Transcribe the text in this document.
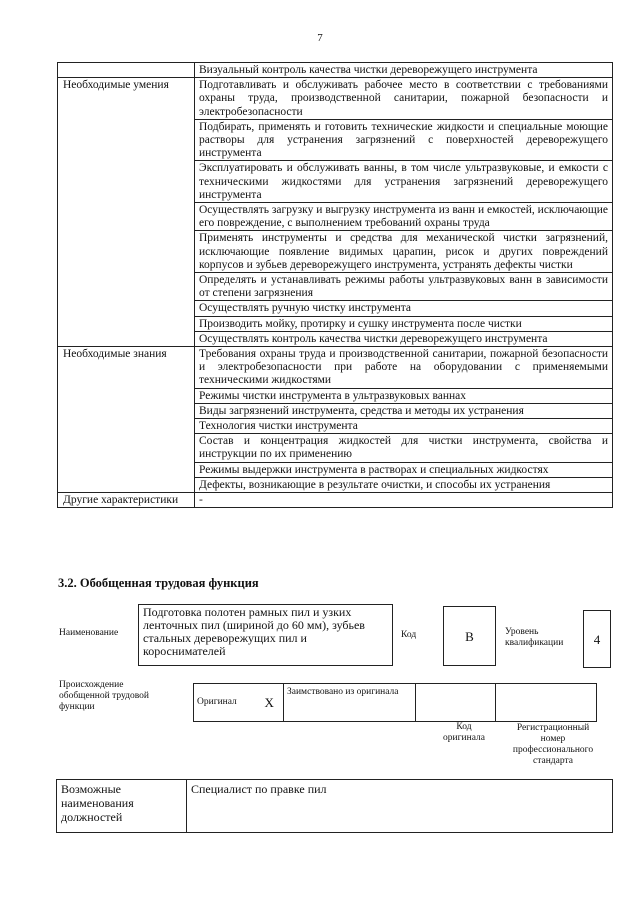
7
	Визуальный контроль качества чистки дереворежущего инструмента
Необходимые умения	Подготавливать и обслуживать рабочее место в соответствии с требованиями охраны труда, производственной санитарии, пожарной безопасности и электробезопасности
	Подбирать, применять и готовить технические жидкости и специальные моющие растворы для устранения загрязнений с поверхностей дереворежущего инструмента
	Эксплуатировать и обслуживать ванны, в том числе ультразвуковые, и емкости с техническими жидкостями для устранения загрязнений дереворежущего инструмента
	Осуществлять загрузку и выгрузку инструмента из ванн и емкостей, исключающие его повреждение, с выполнением требований охраны труда
	Применять инструменты и средства для механической чистки загрязнений, исключающие появление видимых царапин, рисок и других повреждений корпусов и зубьев дереворежущего инструмента, устранять дефекты чистки
	Определять и устанавливать режимы работы ультразвуковых ванн в зависимости от степени загрязнения
	Осуществлять ручную чистку инструмента
	Производить мойку, протирку и сушку инструмента после чистки
	Осуществлять контроль качества чистки дереворежущего инструмента
Необходимые знания	Требования охраны труда и производственной санитарии, пожарной безопасности и электробезопасности при работе на оборудовании с применяемыми техническими жидкостями
	Режимы чистки инструмента в ультразвуковых ваннах
	Виды загрязнений инструмента, средства и методы их устранения
	Технология чистки инструмента
	Состав и концентрация жидкостей для чистки инструмента, свойства и инструкции по их применению
	Режимы выдержки инструмента в растворах и специальных жидкостях
	Дефекты, возникающие в результате очистки, и способы их устранения
Другие характеристики	-
3.2. Обобщенная трудовая функция
Наименование
Подготовка полотен рамных пил и узких ленточных пил (шириной до 60 мм), зубьев стальных дереворежущих пил и короснимателей
Код	В	Уровень квалификации	4
Происхождение обобщенной трудовой функции	Оригинал	X	Заимствовано из оригинала		
Код оригинала
Регистрационный номер профессионального стандарта
Возможные наименования должностей	Специалист по правке пил
